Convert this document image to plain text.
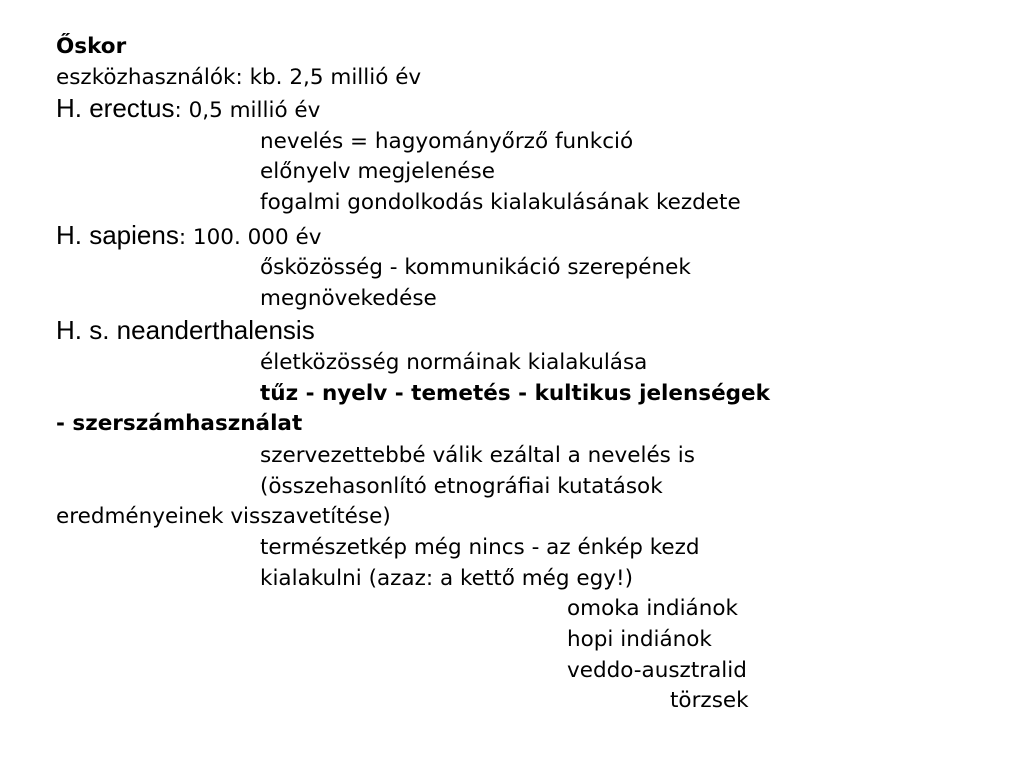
Őskor
eszközhasználók: kb. 2,5 millió év
H. erectus: 0,5 millió év
nevelés = hagyományőrző funkció
előnyelv megjelenése
fogalmi gondolkodás kialakulásának kezdete
H. sapiens: 100. 000 év
ősközösség - kommunikáció szerepének
megnövekedése
H. s. neanderthalensis
életközösség normáinak kialakulása
tűz - nyelv - temetés - kultikus jelenségek
- szerszámhasználat
szervezettebbé válik ezáltal a nevelés is
(összehasonlító etnográfiai kutatások
eredményeinek visszavetítése)
természetkép még nincs - az énkép kezd
kialakulni (azaz: a kettő még egy!)
omoka indiánok
hopi indiánok
veddo-ausztralid
törzsek
